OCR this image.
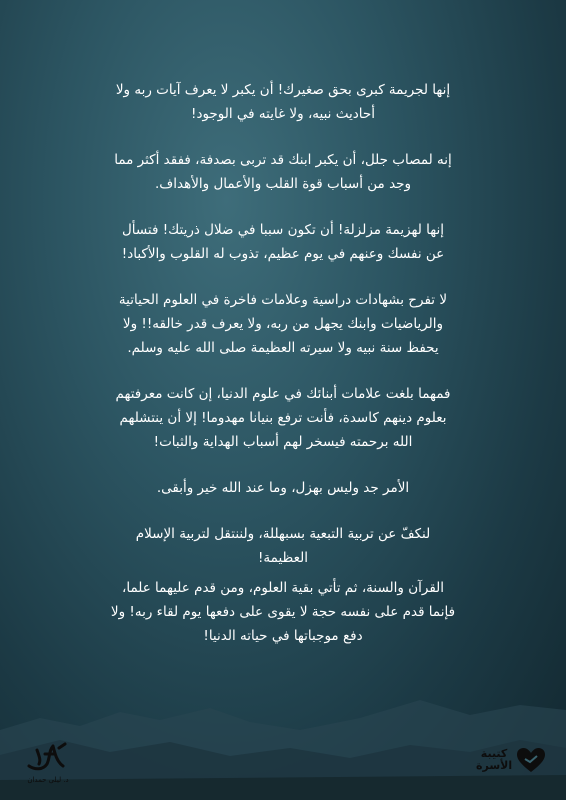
إنها لجريمة كبرى بحق صغيرك! أن يكبر لا يعرف آيات ربه ولا
أحاديث نبيه، ولا غايته في الوجود!

إنه لمصاب جلل، أن يكبر ابنك قد تربى بصدفة، ففقد أكثر مما
وجد من أسباب قوة القلب والأعمال والأهداف.

إنها لهزيمة مزلزلة! أن تكون سببا في ضلال ذريتك! فتسأل
عن نفسك وعنهم في يوم عظيم، تذوب له القلوب والأكباد!

لا تفرح بشهادات دراسية وعلامات فاخرة في العلوم الحياتية
والرياضيات وابنك يجهل من ربه، ولا يعرف قدر خالقه!! ولا
يحفظ سنة نبيه ولا سيرته العظيمة صلى الله عليه وسلم.

فمهما بلغت علامات أبنائك في علوم الدنيا، إن كانت معرفتهم
بعلوم دينهم كاسدة، فأنت ترفع بنيانا مهدوما! إلا أن ينتشلهم
الله برحمته فيسخر لهم أسباب الهداية والثبات!

الأمر جد وليس بهزل، وما عند الله خير وأبقى.

لنكفّ عن تربية التبعية بسبهللة، ولننتقل لتربية الإسلام
العظيمة!

القرآن والسنة، ثم تأتي بقية العلوم، ومن قدم عليهما علما،
فإنما قدم على نفسه حجة لا يقوى على دفعها يوم لقاء ربه! ولا
دفع موجباتها في حياته الدنيا!

كتيبة
الأسرة
د. ليلى حمدان
